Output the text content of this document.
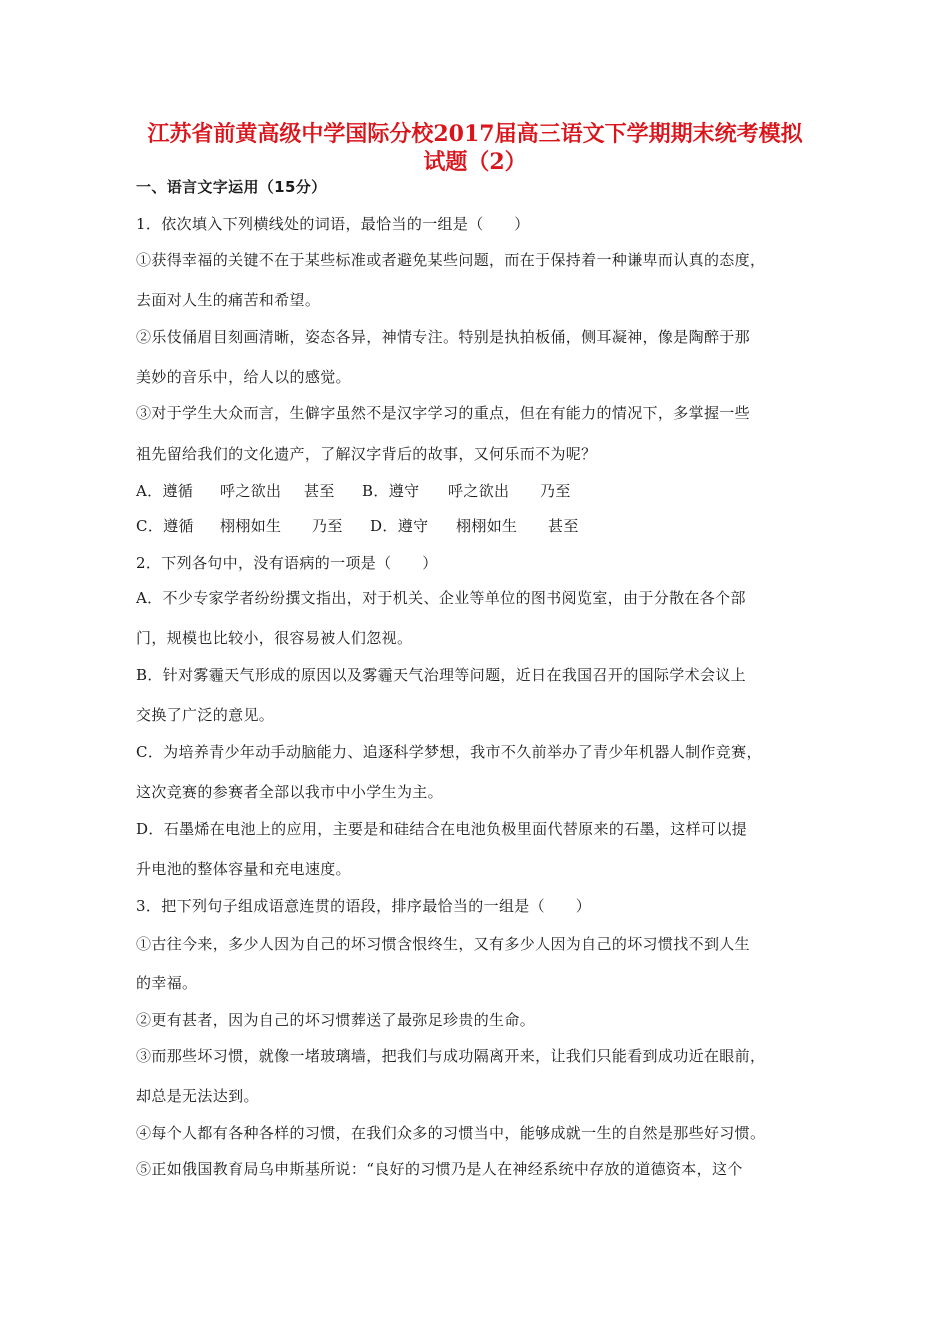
江苏省前黄高级中学国际分校2017届高三语文下学期期末统考模拟
试题（2）
一、语言文字运用（15分）
1．依次填入下列横线处的词语，最恰当的一组是（　　）
①获得幸福的关键不在于某些标准或者避免某些问题，而在于保持着一种谦卑而认真的态度，
去面对人生的痛苦和希望。
②乐伎俑眉目刻画清晰，姿态各异，神情专注。特别是执拍板俑，侧耳凝神，像是陶醉于那
美妙的音乐中，给人以的感觉。
③对于学生大众而言，生僻字虽然不是汉字学习的重点，但在有能力的情况下，多掌握一些
祖先留给我们的文化遗产，了解汉字背后的故事，又何乐而不为呢？
A．遵循 呼之欲出 甚至 B．遵守 呼之欲出 乃至
C．遵循 栩栩如生 乃至 D．遵守 栩栩如生 甚至
2．下列各句中，没有语病的一项是（　　）
A．不少专家学者纷纷撰文指出，对于机关、企业等单位的图书阅览室，由于分散在各个部
门，规模也比较小，很容易被人们忽视。
B．针对雾霾天气形成的原因以及雾霾天气治理等问题，近日在我国召开的国际学术会议上
交换了广泛的意见。
C．为培养青少年动手动脑能力、追逐科学梦想，我市不久前举办了青少年机器人制作竞赛，
这次竞赛的参赛者全部以我市中小学生为主。
D．石墨烯在电池上的应用，主要是和硅结合在电池负极里面代替原来的石墨，这样可以提
升电池的整体容量和充电速度。
3．把下列句子组成语意连贯的语段，排序最恰当的一组是（　　）
①古往今来，多少人因为自己的坏习惯含恨终生，又有多少人因为自己的坏习惯找不到人生
的幸福。
②更有甚者，因为自己的坏习惯葬送了最弥足珍贵的生命。
③而那些坏习惯，就像一堵玻璃墙，把我们与成功隔离开来，让我们只能看到成功近在眼前，
却总是无法达到。
④每个人都有各种各样的习惯，在我们众多的习惯当中，能够成就一生的自然是那些好习惯。
⑤正如俄国教育局乌申斯基所说：“良好的习惯乃是人在神经系统中存放的道德资本，这个
